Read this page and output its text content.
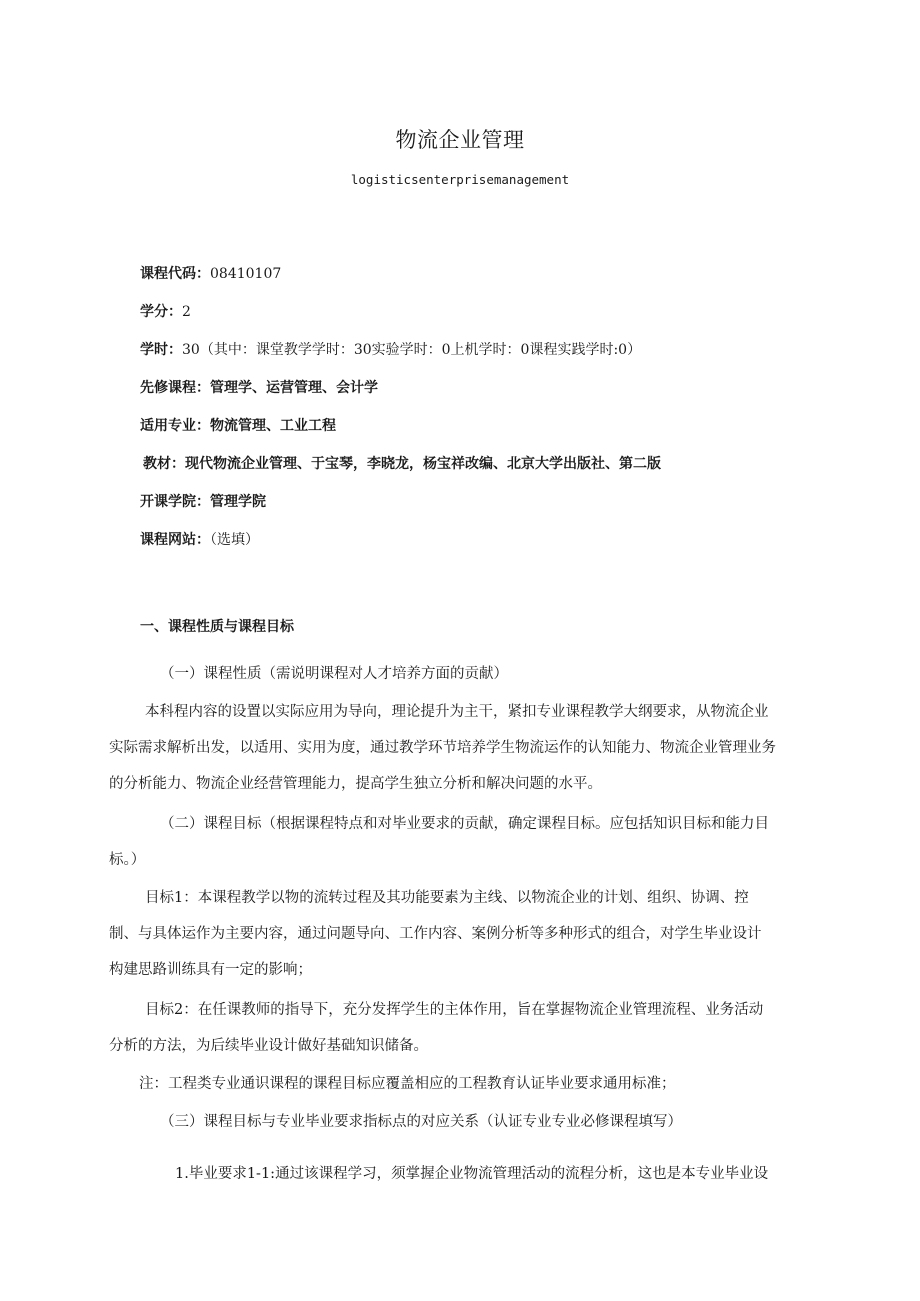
物流企业管理
logisticsenterprisemanagement
课程代码：08410107
学分：2
学时：30（其中：课堂教学学时：30实验学时：0上机学时：0课程实践学时:0）
先修课程：管理学、运营管理、会计学
适用专业：物流管理、工业工程
教材：现代物流企业管理、于宝琴，李晓龙，杨宝祥改编、北京大学出版社、第二版
开课学院：管理学院
课程网站：（选填）
一、课程性质与课程目标
（一）课程性质（需说明课程对人才培养方面的贡献）
本科程内容的设置以实际应用为导向，理论提升为主干，紧扣专业课程教学大纲要求，从物流企业
实际需求解析出发，以适用、实用为度，通过教学环节培养学生物流运作的认知能力、物流企业管理业务
的分析能力、物流企业经营管理能力，提高学生独立分析和解决问题的水平。
（二）课程目标（根据课程特点和对毕业要求的贡献，确定课程目标。应包括知识目标和能力目
标。）
目标1：本课程教学以物的流转过程及其功能要素为主线、以物流企业的计划、组织、协调、控
制、与具体运作为主要内容，通过问题导向、工作内容、案例分析等多种形式的组合，对学生毕业设计
构建思路训练具有一定的影响；
目标2：在任课教师的指导下，充分发挥学生的主体作用，旨在掌握物流企业管理流程、业务活动
分析的方法，为后续毕业设计做好基础知识储备。
注：工程类专业通识课程的课程目标应覆盖相应的工程教育认证毕业要求通用标准；
（三）课程目标与专业毕业要求指标点的对应关系（认证专业专业必修课程填写）
1.毕业要求1-1:通过该课程学习，须掌握企业物流管理活动的流程分析，这也是本专业毕业设
